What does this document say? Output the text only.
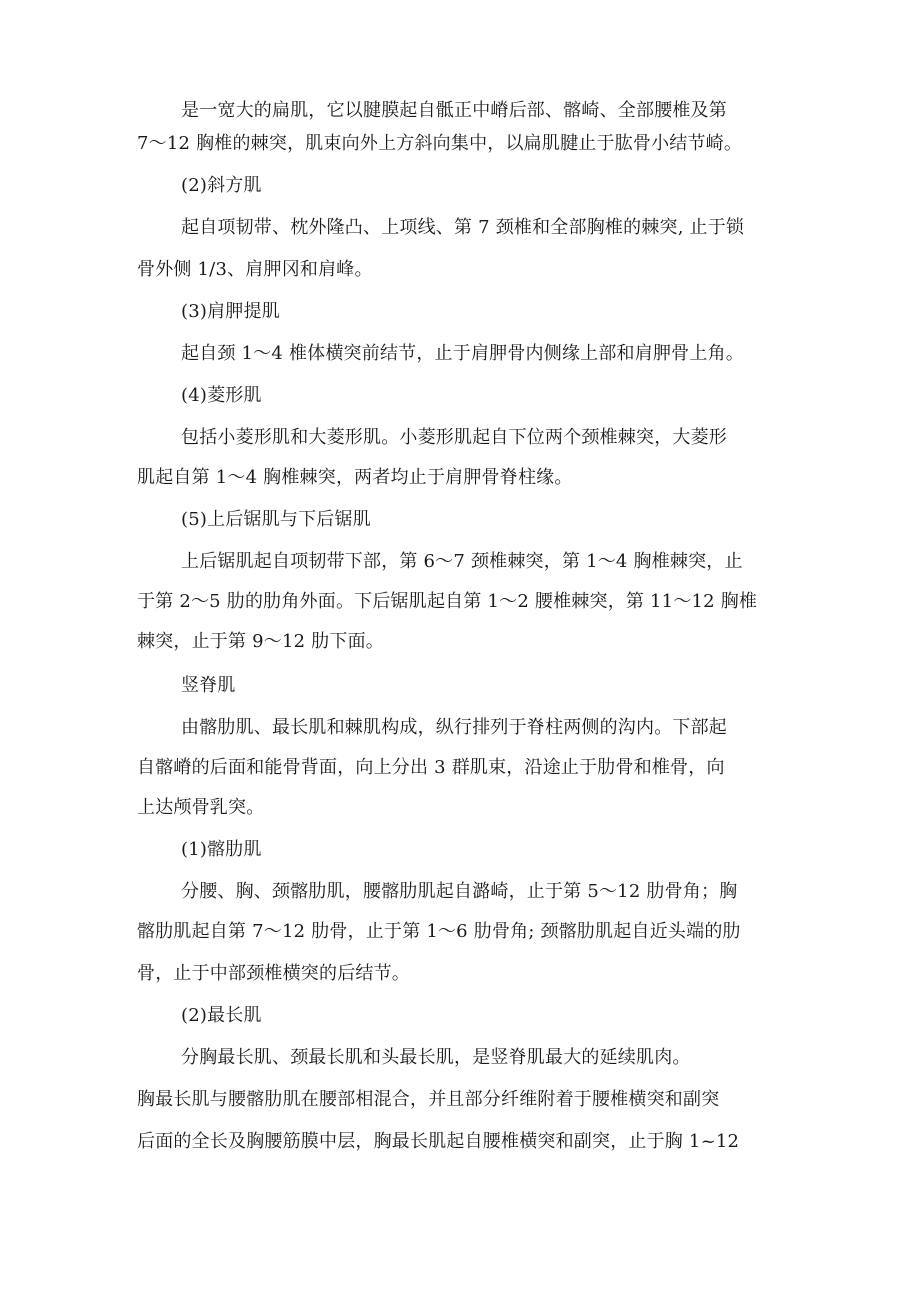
是一宽大的扁肌，它以腱膜起自骶正中嵴后部、髂崎、全部腰椎及第
7～12 胸椎的棘突，肌束向外上方斜向集中，以扁肌腱止于肱骨小结节崎。
(2)斜方肌
起自项韧带、枕外隆凸、上项线、第 7 颈椎和全部胸椎的棘突, 止于锁
骨外侧 1/3、肩胛冈和肩峰。
(3)肩胛提肌
起自颈 1～4 椎体横突前结节，止于肩胛骨内侧缘上部和肩胛骨上角。
(4)菱形肌
包括小菱形肌和大菱形肌。小菱形肌起自下位两个颈椎棘突，大菱形
肌起自第 1～4 胸椎棘突，两者均止于肩胛骨脊柱缘。
(5)上后锯肌与下后锯肌
上后锯肌起自项韧带下部，第 6～7 颈椎棘突，第 1～4 胸椎棘突，止
于第 2～5 肋的肋角外面。下后锯肌起自第 1～2 腰椎棘突，第 11～12 胸椎
棘突，止于第 9～12 肋下面。
竖脊肌
由髂肋肌、最长肌和棘肌构成，纵行排列于脊柱两侧的沟内。下部起
自髂嵴的后面和能骨背面，向上分出 3 群肌束，沿途止于肋骨和椎骨，向
上达颅骨乳突。
(1)髂肋肌
分腰、胸、颈髂肋肌，腰髂肋肌起自潞崎，止于第 5～12 肋骨角；胸
髂肋肌起自第 7～12 肋骨，止于第 1～6 肋骨角; 颈髂肋肌起自近头端的肋
骨，止于中部颈椎横突的后结节。
(2)最长肌
分胸最长肌、颈最长肌和头最长肌，是竖脊肌最大的延续肌肉。
胸最长肌与腰髂肋肌在腰部相混合，并且部分纤维附着于腰椎横突和副突
后面的全长及胸腰筋膜中层，胸最长肌起自腰椎横突和副突，止于胸 1~12
